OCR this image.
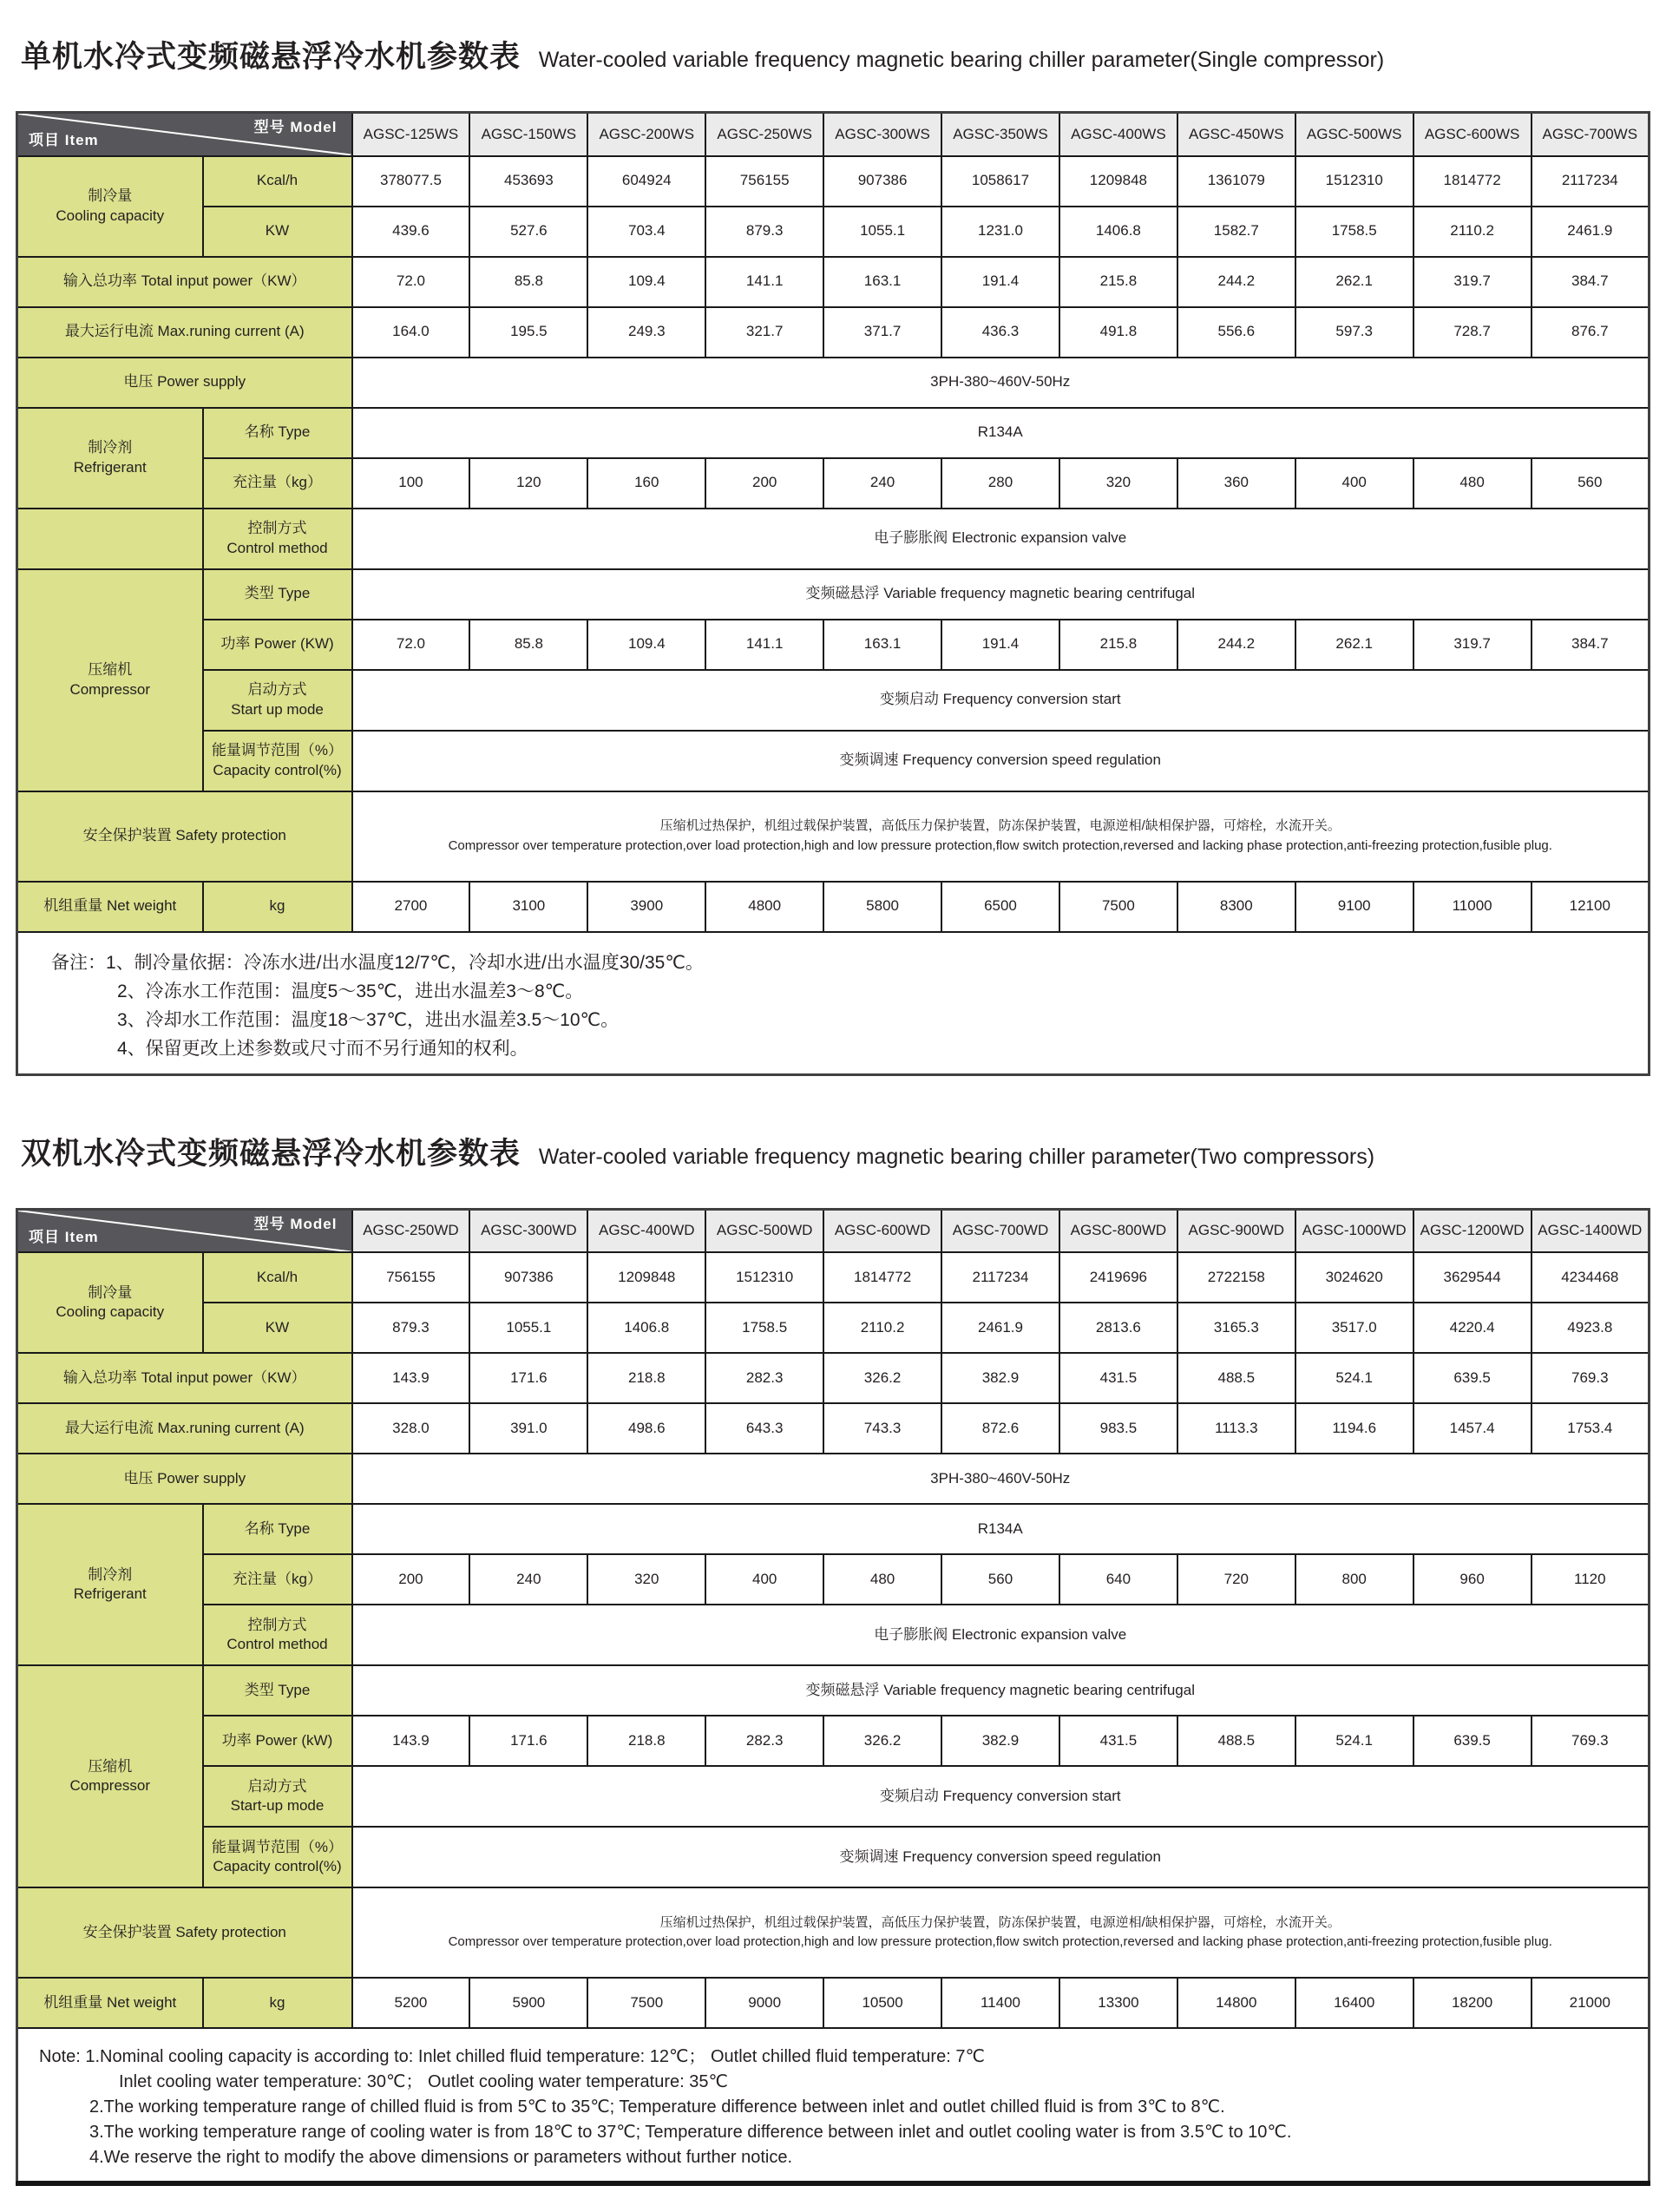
单机水冷式变频磁悬浮冷水机参数表 Water-cooled variable frequency magnetic bearing chiller parameter(Single compressor)
型号 Model
项目 Item		AGSC-125WS	AGSC-150WS	AGSC-200WS	AGSC-250WS	AGSC-300WS	AGSC-350WS	AGSC-400WS	AGSC-450WS	AGSC-500WS	AGSC-600WS	AGSC-700WS

制冷量
Cooling capacity	Kcal/h	378077.5	453693	604924	756155	907386	1058617	1209848	1361079	1512310	1814772	2117234

	KW	439.6	527.6	703.4	879.3	1055.1	1231.0	1406.8	1582.7	1758.5	2110.2	2461.9

输入总功率 Total input power（KW）		72.0	85.8	109.4	141.1	163.1	191.4	215.8	244.2	262.1	319.7	384.7

最大运行电流 Max.runing current (A)		164.0	195.5	249.3	321.7	371.7	436.3	491.8	556.6	597.3	728.7	876.7

电压 Power supply		3PH-380~460V-50Hz										

制冷剂
Refrigerant	名称 Type	R134A										

	充注量（kg）	100	120	160	200	240	280	320	360	400	480	560

	控制方式
Control method	电子膨胀阀 Electronic expansion valve										

压缩机
Compressor	类型 Type	变频磁悬浮 Variable frequency magnetic bearing centrifugal										

	功率 Power (KW)	72.0	85.8	109.4	141.1	163.1	191.4	215.8	244.2	262.1	319.7	384.7

	启动方式
Start up mode	变频启动 Frequency conversion start										

	能量调节范围（%）
Capacity control(%)	变频调速 Frequency conversion speed regulation										

安全保护装置 Safety protection		压缩机过热保护，机组过载保护装置，高低压力保护装置，防冻保护装置，电源逆相/缺相保护器，可熔栓，水流开关。
Compressor over temperature protection,over load protection,high and low pressure protection,flow switch protection,reversed and lacking phase protection,anti-freezing protection,fusible plug.										

机组重量 Net weight	kg	2700	3100	3900	4800	5800	6500	7500	8300	9100	11000	12100

备注：1、制冷量依据：冷冻水进/出水温度12/7℃，冷却水进/出水温度30/35℃。
2、冷冻水工作范围：温度5～35℃，进出水温差3～8℃。
3、冷却水工作范围：温度18～37℃，进出水温差3.5～10℃。
4、保留更改上述参数或尺寸而不另行通知的权利。												
双机水冷式变频磁悬浮冷水机参数表 Water-cooled variable frequency magnetic bearing chiller parameter(Two compressors)
型号 Model
项目 Item		AGSC-250WD	AGSC-300WD	AGSC-400WD	AGSC-500WD	AGSC-600WD	AGSC-700WD	AGSC-800WD	AGSC-900WD	AGSC-1000WD	AGSC-1200WD	AGSC-1400WD

制冷量
Cooling capacity	Kcal/h	756155	907386	1209848	1512310	1814772	2117234	2419696	2722158	3024620	3629544	4234468

	KW	879.3	1055.1	1406.8	1758.5	2110.2	2461.9	2813.6	3165.3	3517.0	4220.4	4923.8

输入总功率 Total input power（KW）		143.9	171.6	218.8	282.3	326.2	382.9	431.5	488.5	524.1	639.5	769.3

最大运行电流 Max.runing current (A)		328.0	391.0	498.6	643.3	743.3	872.6	983.5	1113.3	1194.6	1457.4	1753.4

电压 Power supply		3PH-380~460V-50Hz										

制冷剂
Refrigerant	名称 Type	R134A										

	充注量（kg）	200	240	320	400	480	560	640	720	800	960	1120

	控制方式
Control method	电子膨胀阀 Electronic expansion valve										

压缩机
Compressor	类型 Type	变频磁悬浮 Variable frequency magnetic bearing centrifugal										

	功率 Power (kW)	143.9	171.6	218.8	282.3	326.2	382.9	431.5	488.5	524.1	639.5	769.3

	启动方式
Start-up mode	变频启动 Frequency conversion start										

	能量调节范围（%）
Capacity control(%)	变频调速 Frequency conversion speed regulation										

安全保护装置 Safety protection		压缩机过热保护，机组过载保护装置，高低压力保护装置，防冻保护装置，电源逆相/缺相保护器，可熔栓，水流开关。
Compressor over temperature protection,over load protection,high and low pressure protection,flow switch protection,reversed and lacking phase protection,anti-freezing protection,fusible plug.										

机组重量 Net weight	kg	5200	5900	7500	9000	10500	11400	13300	14800	16400	18200	21000

Note: 1.Nominal cooling capacity is according to: Inlet chilled fluid temperature: 12℃； Outlet chilled fluid temperature: 7℃
Inlet cooling water temperature: 30℃； Outlet cooling water temperature: 35℃
2.The working temperature range of chilled fluid is from 5℃ to 35℃; Temperature difference between inlet and outlet chilled fluid is from 3℃ to 8℃.
3.The working temperature range of cooling water is from 18℃ to 37℃; Temperature difference between inlet and outlet cooling water is from 3.5℃ to 10℃.
4.We reserve the right to modify the above dimensions or parameters without further notice.												
